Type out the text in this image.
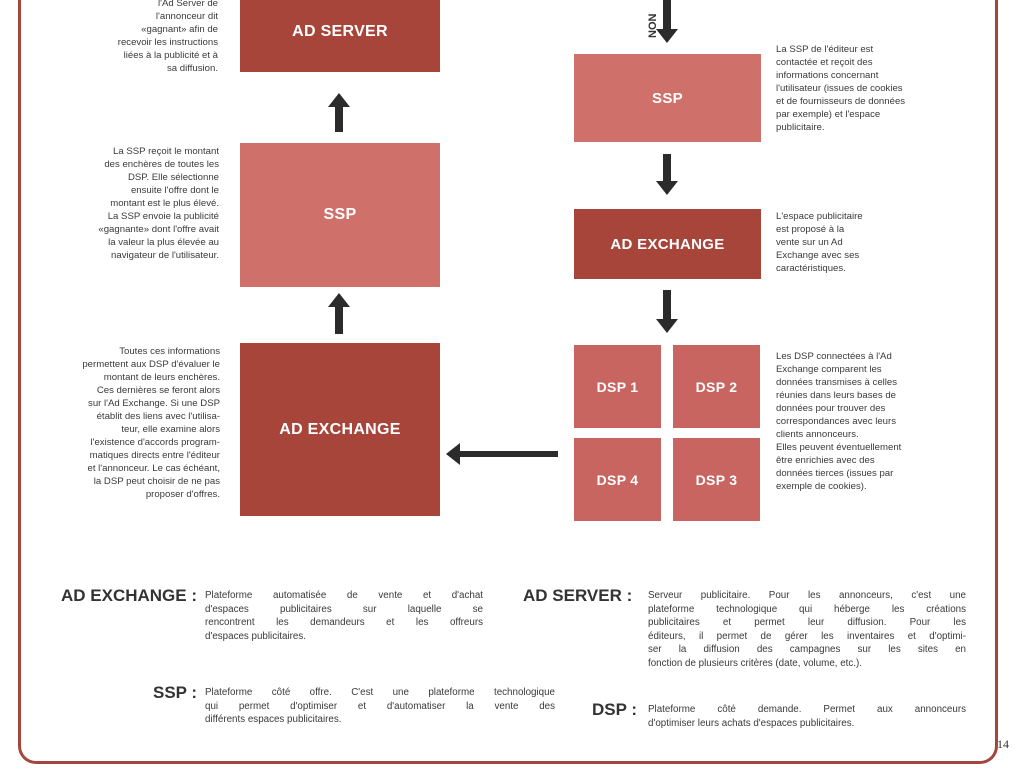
l'Ad Server de
l'annonceur dit
«gagnant» afin de
recevoir les instructions
liées à la publicité et à
sa diffusion.
AD SERVER
La SSP reçoit le montant
des enchères de toutes les
DSP. Elle sélectionne
ensuite l'offre dont le
montant est le plus élevé.
La SSP envoie la publicité
«gagnante» dont l'offre avait
la valeur la plus élevée au
navigateur de l'utilisateur.
SSP
Toutes ces informations
permettent aux DSP d'évaluer le
montant de leurs enchères.
Ces dernières se feront alors
sur l'Ad Exchange. Si une DSP
établit des liens avec l'utilisa-
teur, elle examine alors
l'existence d'accords program-
matiques directs entre l'éditeur
et l'annonceur. Le cas échéant,
la DSP peut choisir de ne pas
proposer d'offres.
AD EXCHANGE
NON
SSP
La SSP de l'éditeur est
contactée et reçoit des
informations concernant
l'utilisateur (issues de cookies
et de fournisseurs de données
par exemple) et l'espace
publicitaire.
AD EXCHANGE
L'espace publicitaire
est proposé à la
vente sur un Ad
Exchange avec ses
caractéristiques.
DSP 1	DSP 2
DSP 4	DSP 3
Les DSP connectées à l'Ad
Exchange comparent les
données transmises à celles
réunies dans leurs bases de
données pour trouver des
correspondances avec leurs
clients annonceurs.
Elles peuvent éventuellement
être enrichies avec des
données tierces (issues par
exemple de cookies).
AD EXCHANGE : Plateforme automatisée de vente et d'achat
d'espaces publicitaires sur laquelle se
rencontrent les demandeurs et les offreurs
d'espaces publicitaires.
SSP : Plateforme côté offre. C'est une plateforme technologique
qui permet d'optimiser et d'automatiser la vente des
différents espaces publicitaires.
AD SERVER : Serveur publicitaire. Pour les annonceurs, c'est une
plateforme technologique qui héberge les créations
publicitaires et permet leur diffusion. Pour les
éditeurs, il permet de gérer les inventaires et d'optimi-
ser la diffusion des campagnes sur les sites en
fonction de plusieurs critères (date, volume, etc.).
DSP : Plateforme côté demande. Permet aux annonceurs
d'optimiser leurs achats d'espaces publicitaires.
14
